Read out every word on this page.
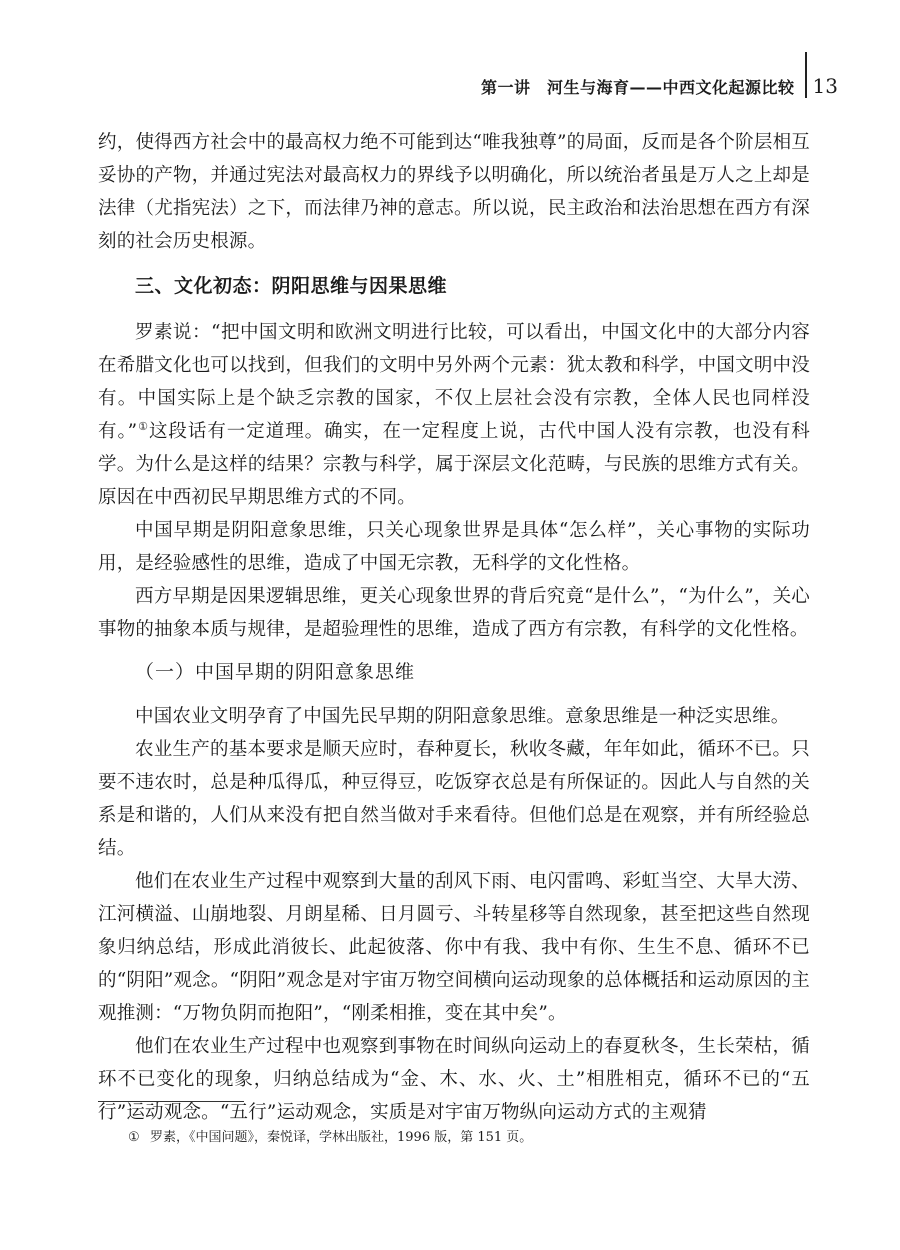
第一讲　河生与海育——中西文化起源比较 13

约，使得西方社会中的最高权力绝不可能到达“唯我独尊”的局面，反而是各个阶层相互妥协的产物，并通过宪法对最高权力的界线予以明确化，所以统治者虽是万人之上却是法律（尤指宪法）之下，而法律乃神的意志。所以说，民主政治和法治思想在西方有深刻的社会历史根源。

三、文化初态：阴阳思维与因果思维

罗素说：“把中国文明和欧洲文明进行比较，可以看出，中国文化中的大部分内容在希腊文化也可以找到，但我们的文明中另外两个元素：犹太教和科学，中国文明中没有。中国实际上是个缺乏宗教的国家，不仅上层社会没有宗教，全体人民也同样没有。”①这段话有一定道理。确实，在一定程度上说，古代中国人没有宗教，也没有科学。为什么是这样的结果？宗教与科学，属于深层文化范畴，与民族的思维方式有关。原因在中西初民早期思维方式的不同。

中国早期是阴阳意象思维，只关心现象世界是具体“怎么样”，关心事物的实际功用，是经验感性的思维，造成了中国无宗教，无科学的文化性格。

西方早期是因果逻辑思维，更关心现象世界的背后究竟“是什么”，“为什么”，关心事物的抽象本质与规律，是超验理性的思维，造成了西方有宗教，有科学的文化性格。

（一）中国早期的阴阳意象思维

中国农业文明孕育了中国先民早期的阴阳意象思维。意象思维是一种泛实思维。

农业生产的基本要求是顺天应时，春种夏长，秋收冬藏，年年如此，循环不已。只要不违农时，总是种瓜得瓜，种豆得豆，吃饭穿衣总是有所保证的。因此人与自然的关系是和谐的，人们从来没有把自然当做对手来看待。但他们总是在观察，并有所经验总结。

他们在农业生产过程中观察到大量的刮风下雨、电闪雷鸣、彩虹当空、大旱大涝、江河横溢、山崩地裂、月朗星稀、日月圆亏、斗转星移等自然现象，甚至把这些自然现象归纳总结，形成此消彼长、此起彼落、你中有我、我中有你、生生不息、循环不已的“阴阳”观念。“阴阳”观念是对宇宙万物空间横向运动现象的总体概括和运动原因的主观推测：“万物负阴而抱阳”，“刚柔相推，变在其中矣”。

他们在农业生产过程中也观察到事物在时间纵向运动上的春夏秋冬，生长荣枯，循环不已变化的现象，归纳总结成为“金、木、水、火、土”相胜相克，循环不已的“五行”运动观念。“五行”运动观念，实质是对宇宙万物纵向运动方式的主观猜

① 罗素，《中国问题》，秦悦译，学林出版社，1996 版，第 151 页。
